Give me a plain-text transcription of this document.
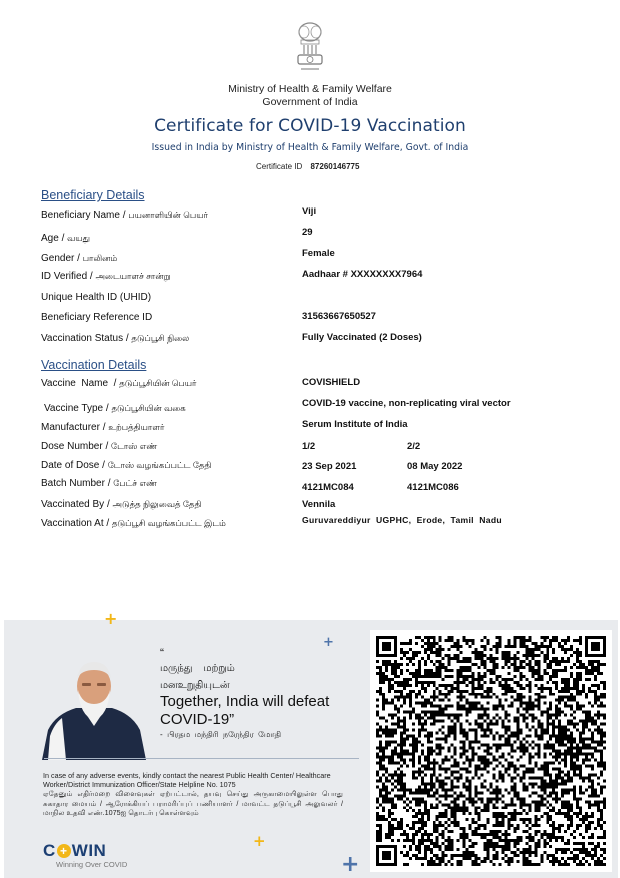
Ministry of Health & Family Welfare
Government of India
Certificate for COVID-19 Vaccination
Issued in India by Ministry of Health & Family Welfare, Govt. of India
Certificate ID 87260146775
Beneficiary Details
Beneficiary Name / பயனாளியின் பெயர்	Viji
Age / வயது	29
Gender / பாலினம்	Female
ID Verified / அடையாளச் சான்று	Aadhaar # XXXXXXXX7964
Unique Health ID (UHID)
Beneficiary Reference ID	31563667650527
Vaccination Status / தடுப்பூசி நிலை	Fully Vaccinated (2 Doses)
Vaccination Details
Vaccine  Name  / தடுப்பூசியின் பெயர்	COVISHIELD
Vaccine Type / தடுப்பூசியின் வகை	COVID-19 vaccine, non-replicating viral vector
Manufacturer / உற்பத்தியாளர்	Serum Institute of India
Dose Number / டோஸ் எண்	1/2	2/2
Date of Dose / டோஸ் வழங்கப்பட்ட தேதி	23 Sep 2021	08 May 2022
Batch Number / பேட்ச் எண்	4121MC084	4121MC086
Vaccinated By / அடுத்த நிலுவைத் தேதி	Vennila
Vaccination At / தடுப்பூசி வழங்கப்பட்ட இடம்	Guruvareddiyur  UGPHC,  Erode,  Tamil  Nadu
+
+
+
+
“
மருந்து    மற்றும்
மனஉறுதியுடன்
Together, India will defeat COVID-19”
-  பிரதம  மந்திரி  நரேந்திர  மோதி
In case of any adverse events, kindly contact the nearest Public Health Center/ Healthcare Worker/District Immunization Officer/State Helpline No. 1075
ஏதேனும் எதிர்மறை விளைவுகள் ஏற்பட்டால், தயவு செய்து அருகாமையிலுள்ள பொது சுகாதார மையம் / ஆரோக்கியப் பராமரிப்புப் பணியாளர் / மாவட்ட தடுப்பூசி அலுவலர் / மாநில உதவி எண்.1075ஐ தொடர்பு கொள்ளவும்
C + WIN
Winning Over COVID
